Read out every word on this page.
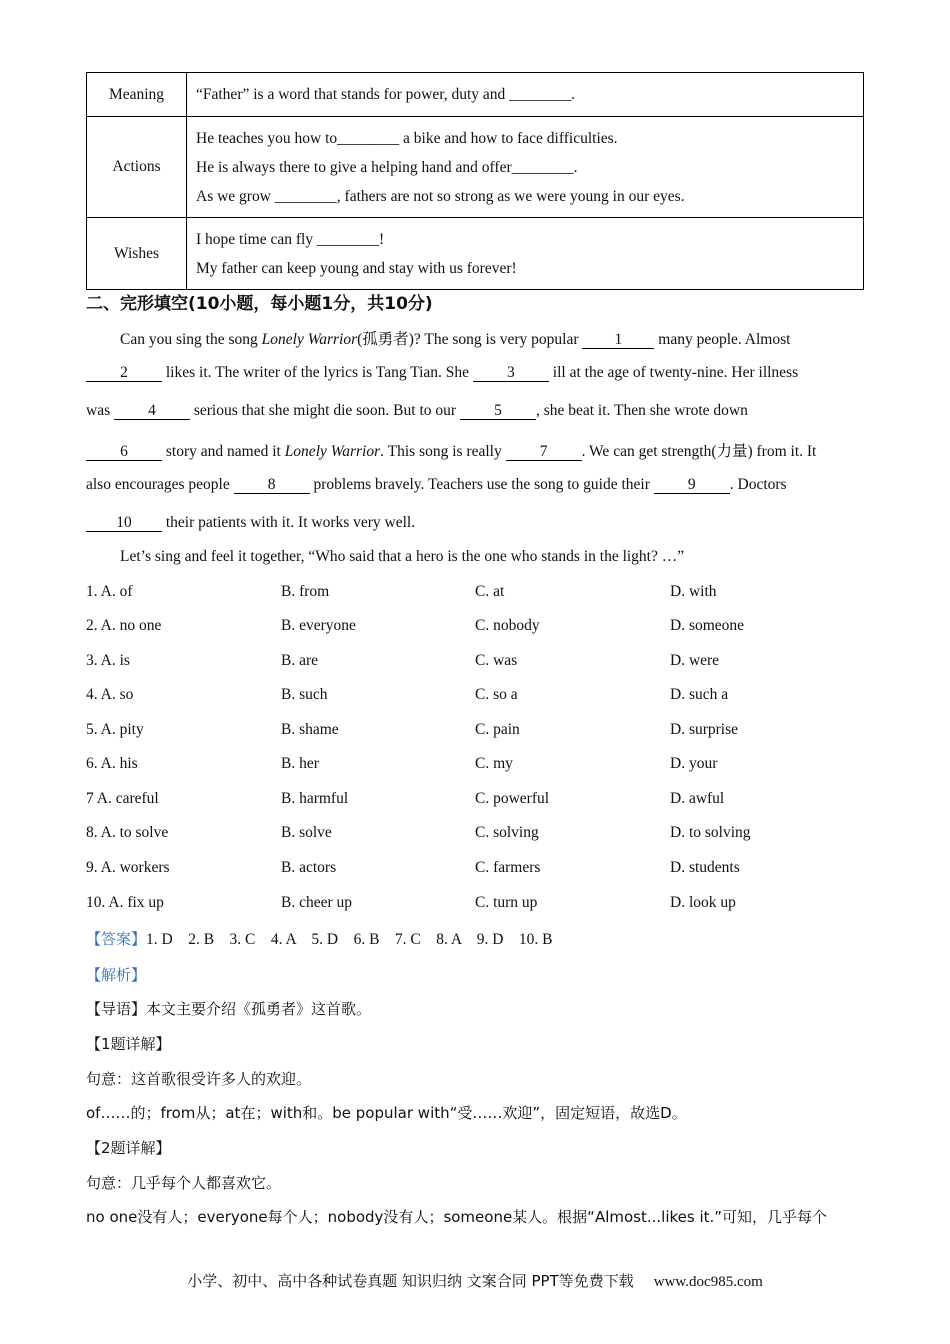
Meaning	“Father” is a word that stands for power, duty and ________.

Actions	He teaches you how to________ a bike and how to face difficulties.
He is always there to give a helping hand and offer________.
As we grow ________, fathers are not so strong as we were young in our eyes.

Wishes	I hope time can fly ________!
My father can keep young and stay with us forever!
二、完形填空(10小题，每小题1分，共10分)
Can you sing the song Lonely Warrior(孤勇者)? The song is very popular 1 many people. Almost
2 likes it. The writer of the lyrics is Tang Tian. She 3 ill at the age of twenty-nine. Her illness
was 4 serious that she might die soon. But to our 5 , she beat it. Then she wrote down
6 story and named it Lonely Warrior. This song is really 7 . We can get strength(力量) from it. It
also encourages people 8 problems bravely. Teachers use the song to guide their 9 . Doctors
10 their patients with it. It works very well.
Let’s sing and feel it together, “Who said that a hero is the one who stands in the light? …”
1. A. of	B. from	C. at	D. with
2. A. no one	B. everyone	C. nobody	D. someone
3. A. is	B. are	C. was	D. were
4. A. so	B. such	C. so a	D. such a
5. A. pity	B. shame	C. pain	D. surprise
6. A. his	B. her	C. my	D. your
7 A. careful	B. harmful	C. powerful	D. awful
8. A. to solve	B. solve	C. solving	D. to solving
9. A. workers	B. actors	C. farmers	D. students
10. A. fix up	B. cheer up	C. turn up	D. look up
【答案】1. D    2. B    3. C    4. A    5. D    6. B    7. C    8. A    9. D    10. B
【解析】
【导语】本文主要介绍《孤勇者》这首歌。
【1题详解】
句意：这首歌很受许多人的欢迎。
of……的；from从；at在；with和。be popular with“受……欢迎”，固定短语，故选D。
【2题详解】
句意：几乎每个人都喜欢它。
no one没有人；everyone每个人；nobody没有人；someone某人。根据“Almost...likes it.”可知，几乎每个
小学、初中、高中各种试卷真题 知识归纳 文案合同 PPT等免费下载 www.doc985.com
